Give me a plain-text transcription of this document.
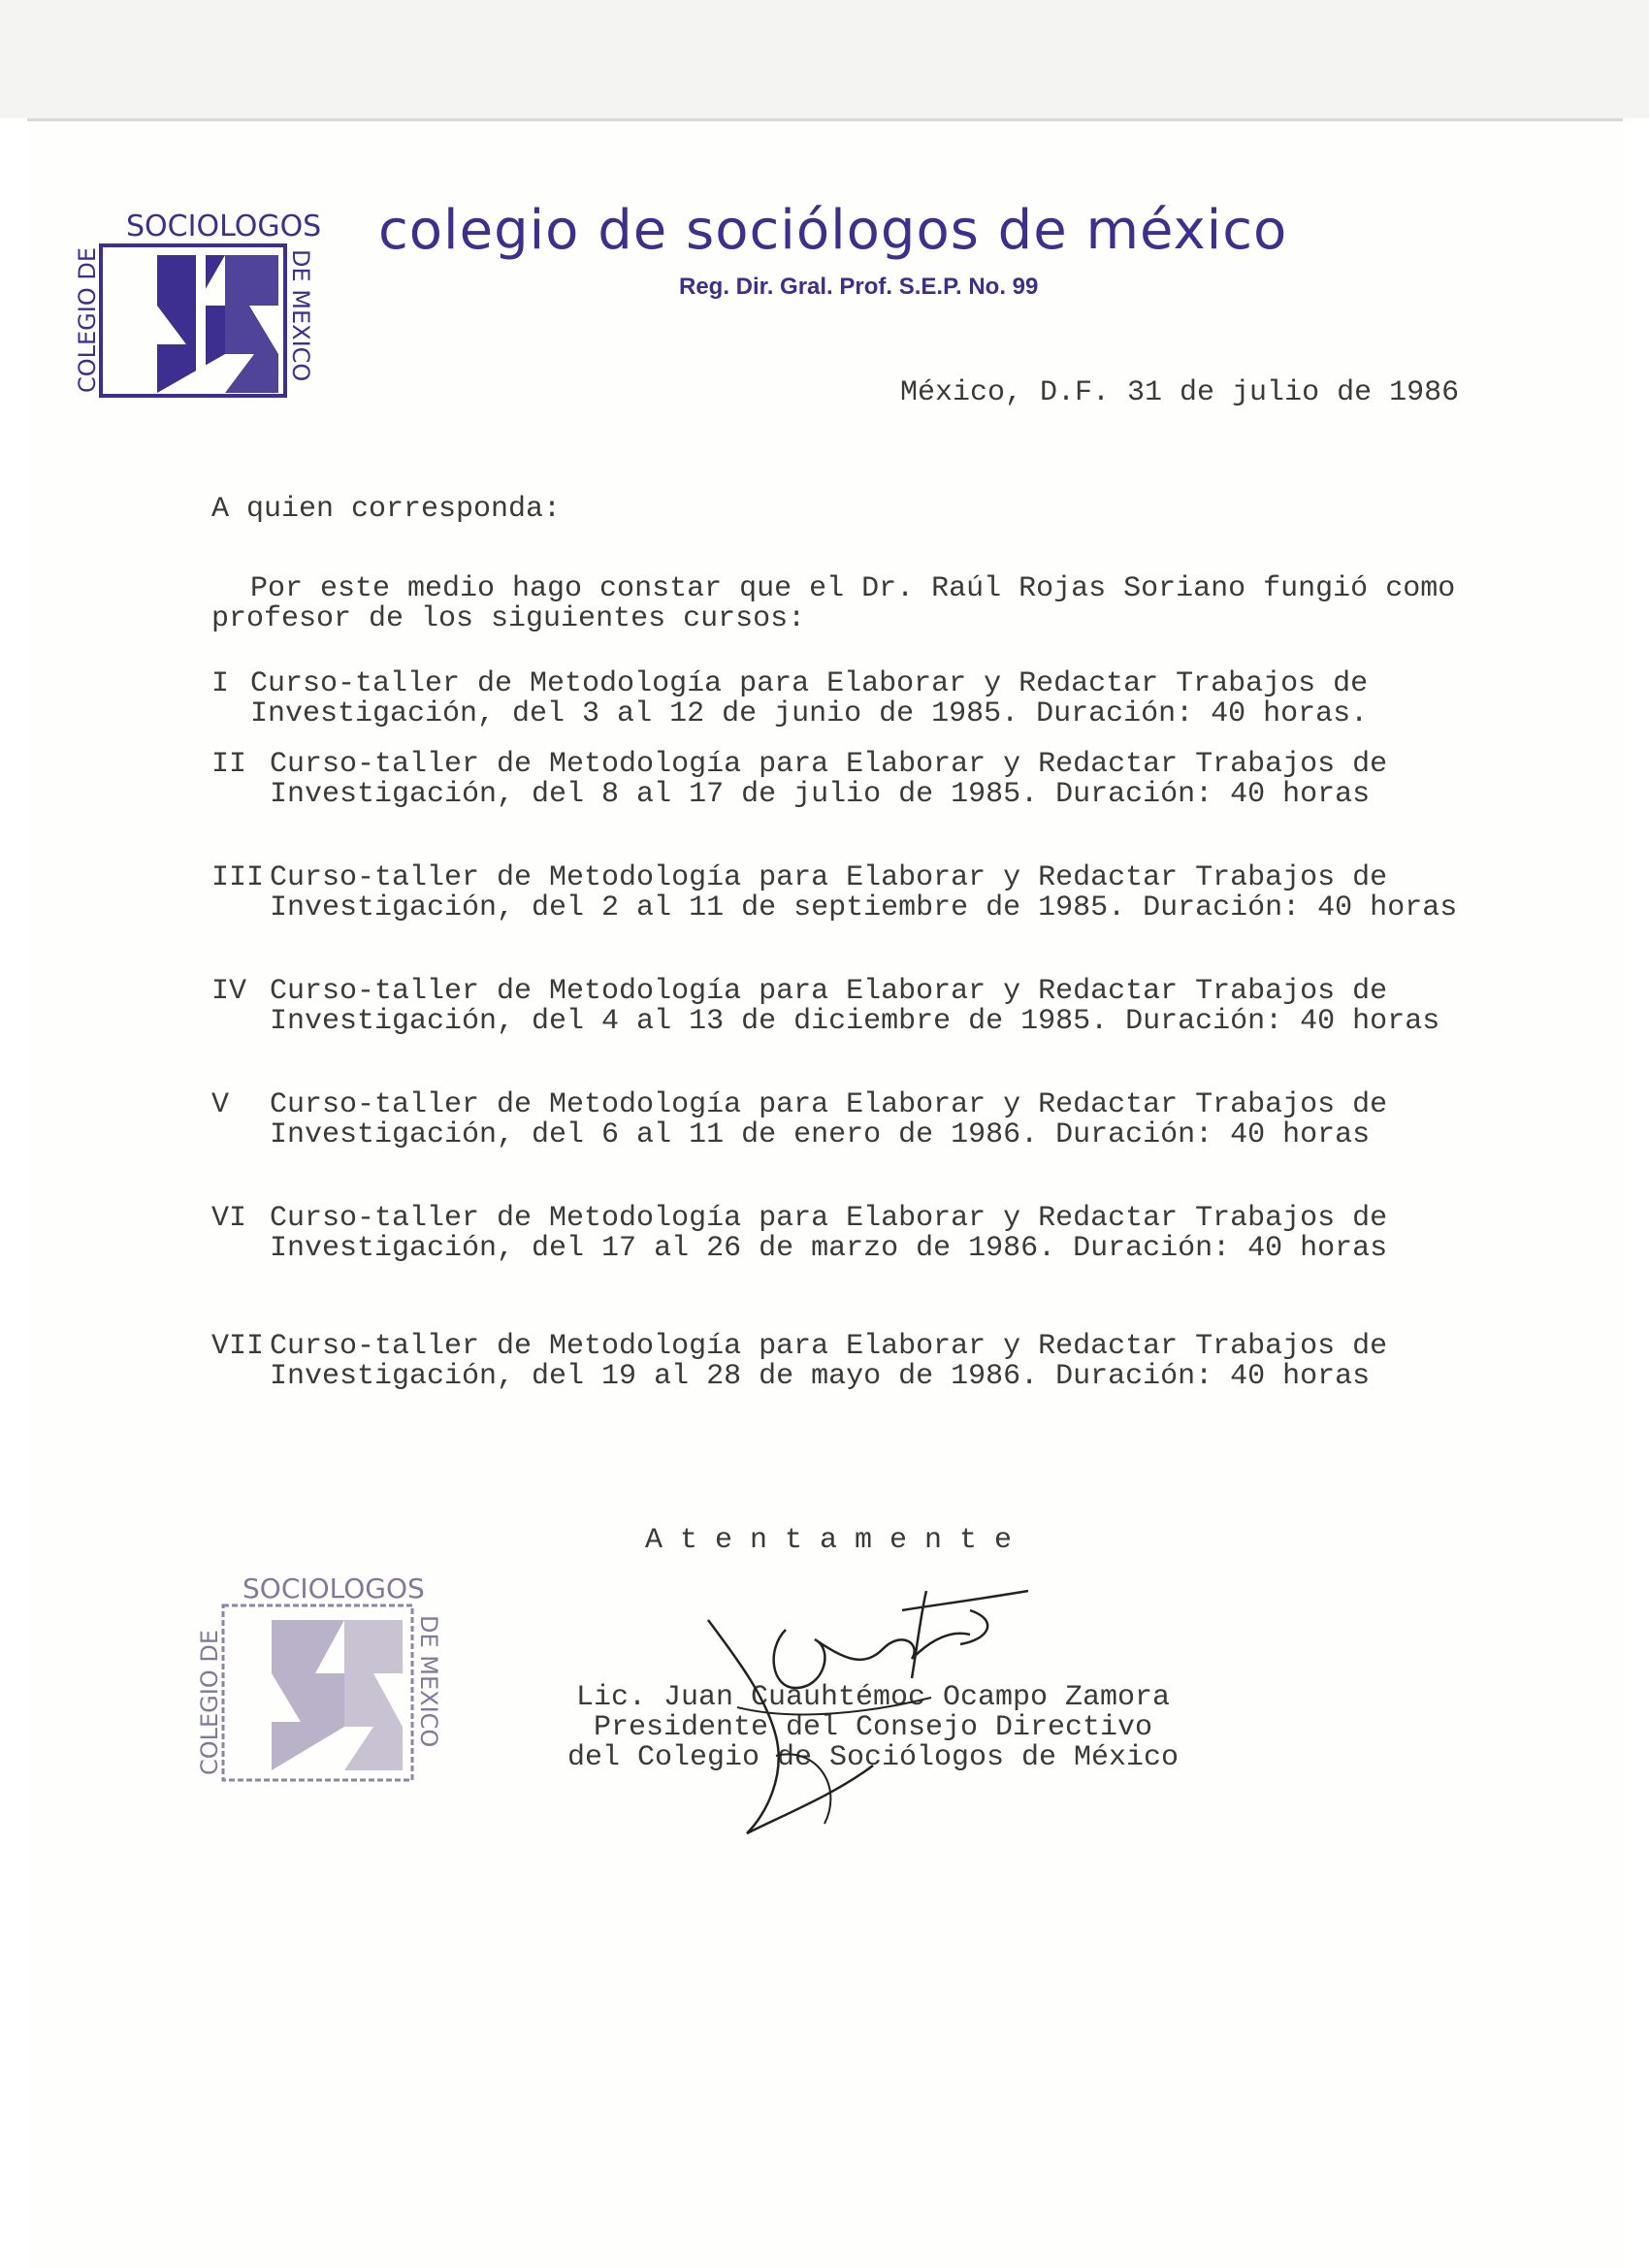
SOCIOLOGOS
COLEGIO DE	DE MEXICO
colegio de sociólogos de méxico
Reg. Dir. Gral. Prof. S.E.P. No. 99
México, D.F. 31 de julio de 1986
A quien corresponda:
Por este medio hago constar que el Dr. Raúl Rojas Soriano fungió como profesor de los siguientes cursos:
I Curso-taller de Metodología para Elaborar y Redactar Trabajos de Investigación, del 3 al 12 de junio de 1985. Duración: 40 horas.
II Curso-taller de Metodología para Elaborar y Redactar Trabajos de Investigación, del 8 al 17 de julio de 1985. Duración: 40 horas
III Curso-taller de Metodología para Elaborar y Redactar Trabajos de Investigación, del 2 al 11 de septiembre de 1985. Duración: 40 horas
IV Curso-taller de Metodología para Elaborar y Redactar Trabajos de Investigación, del 4 al 13 de diciembre de 1985. Duración: 40 horas
V Curso-taller de Metodología para Elaborar y Redactar Trabajos de Investigación, del 6 al 11 de enero de 1986. Duración: 40 horas
VI Curso-taller de Metodología para Elaborar y Redactar Trabajos de Investigación, del 17 al 26 de marzo de 1986. Duración: 40 horas
VII Curso-taller de Metodología para Elaborar y Redactar Trabajos de Investigación, del 19 al 28 de mayo de 1986. Duración: 40 horas
Atentamente
SOCIOLOGOS
COLEGIO DE	DE MEXICO	Lic. Juan Cuauhtémoc Ocampo Zamora
Presidente del Consejo Directivo
del Colegio de Sociólogos de México
